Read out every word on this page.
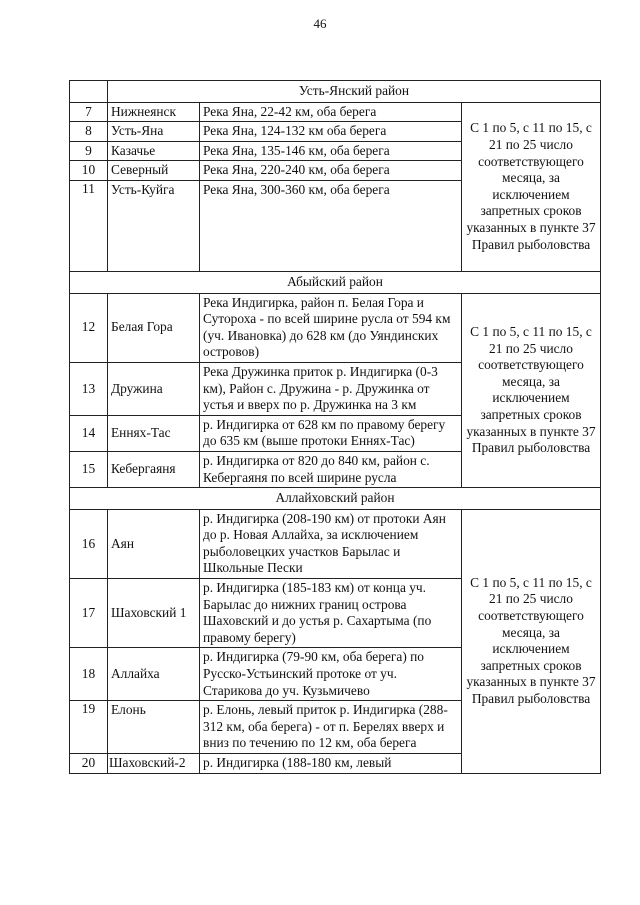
46
	Усть-Янский район		
7	Нижнеянск	Река Яна, 22-42 км, оба берега	С 1 по 5, с 11 по 15, с 21 по 25 число соответствующего месяца, за исключением запретных сроков указанных в пункте 37 Правил рыболовства
8	Усть-Яна	Река Яна, 124-132 км оба берега	
9	Казачье	Река Яна, 135-146 км, оба берега	
10	Северный	Река Яна, 220-240 км, оба берега	
11	Усть-Куйга	Река Яна, 300-360 км, оба берега	
Абыйский район			
12	Белая Гора	Река Индигирка, район п. Белая Гора и Сутороха - по всей ширине русла от 594 км (уч. Ивановка) до 628 км (до Уяндинских островов)	С 1 по 5, с 11 по 15, с 21 по 25 число соответствующего месяца, за исключением запретных сроков указанных в пункте 37 Правил рыболовства
13	Дружина	Река Дружинка приток р. Индигирка (0-3 км), Район с. Дружина - р. Дружинка от устья и вверх по р. Дружинка на 3 км	
14	Еннях-Тас	р. Индигирка от 628 км по правому берегу до 635 км (выше протоки Еннях-Тас)	
15	Кебергаяня	р. Индигирка от 820 до 840 км, район с. Кебергаяня по всей ширине русла	
Аллайховский район			
16	Аян	р. Индигирка (208-190 км) от протоки Аян до р. Новая Аллайха, за исключением рыболовецких участков Барылас и Школьные Пески	С 1 по 5, с 11 по 15, с 21 по 25 число соответствующего месяца, за исключением запретных сроков указанных в пункте 37 Правил рыболовства
17	Шаховский 1	р. Индигирка (185-183 км) от конца уч. Барылас до нижних границ острова Шаховский и до устья р. Сахартыма (по правому берегу)	
18	Аллайха	р. Индигирка (79-90 км, оба берега) по Русско-Устьинский протоке от уч. Старикова до уч. Кузьмичево	
19	Елонь	р. Елонь, левый приток р. Индигирка (288-312 км, оба берега) - от п. Берелях вверх и вниз по течению по 12 км, оба берега	
20	Шаховский-2	р. Индигирка (188-180 км, левый	
